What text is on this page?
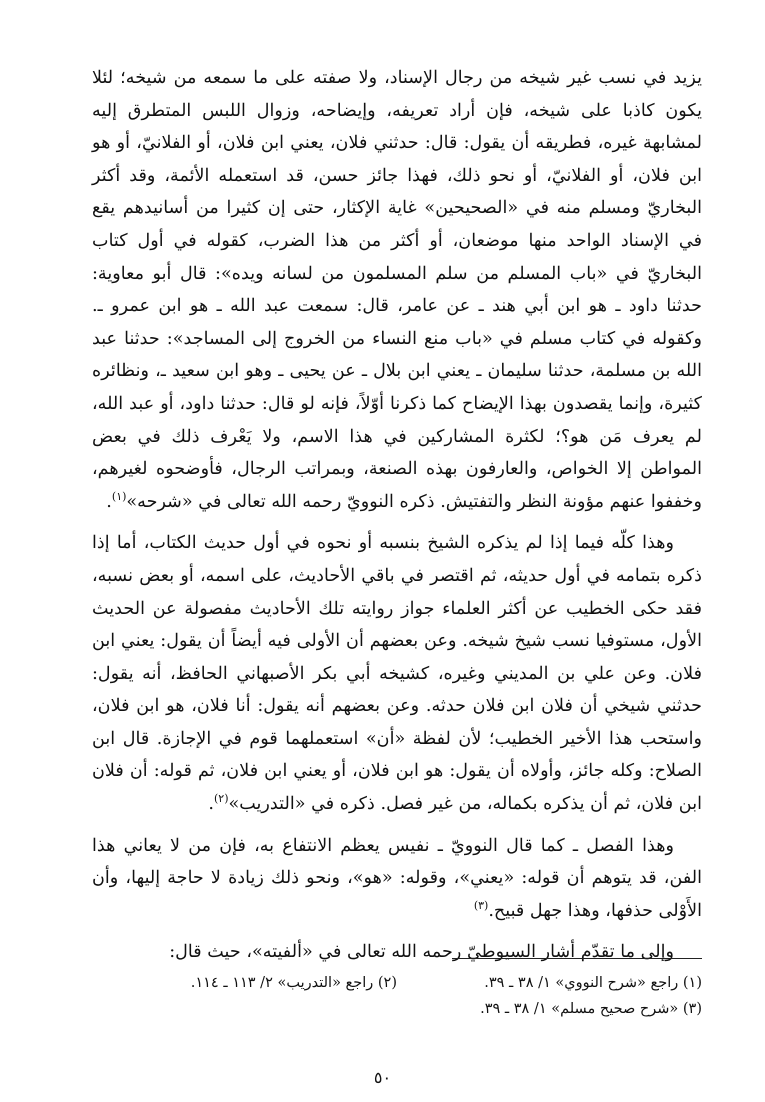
يزيد في نسب غير شيخه من رجال الإسناد، ولا صفته على ما سمعه من شيخه؛ لئلا يكون كاذبا على شيخه، فإن أراد تعريفه، وإيضاحه، وزوال اللبس المتطرق إليه لمشابهة غيره، فطريقه أن يقول: قال: حدثني فلان، يعني ابن فلان، أو الفلانيّ، أو هو ابن فلان، أو الفلانيّ، أو نحو ذلك، فهذا جائز حسن، قد استعمله الأئمة، وقد أكثر البخاريّ ومسلم منه في «الصحيحين» غاية الإكثار، حتى إن كثيرا من أسانيدهم يقع في الإسناد الواحد منها موضعان، أو أكثر من هذا الضرب، كقوله في أول كتاب البخاريّ في «باب المسلم من سلم المسلمون من لسانه ويده»: قال أبو معاوية: حدثنا داود ـ هو ابن أبي هند ـ عن عامر، قال: سمعت عبد الله ـ هو ابن عمرو ـ. وكقوله في كتاب مسلم في «باب منع النساء من الخروج إلى المساجد»: حدثنا عبد الله بن مسلمة، حدثنا سليمان ـ يعني ابن بلال ـ عن يحيى ـ وهو ابن سعيد ـ، ونظائره كثيرة، وإنما يقصدون بهذا الإيضاح كما ذكرنا أوّلاً، فإنه لو قال: حدثنا داود، أو عبد الله، لم يعرف مَن هو؟؛ لكثرة المشاركين في هذا الاسم، ولا يَعْرف ذلك في بعض المواطن إلا الخواص، والعارفون بهذه الصنعة، وبمراتب الرجال، فأوضحوه لغيرهم، وخففوا عنهم مؤونة النظر والتفتيش. ذكره النوويّ رحمه الله تعالى في «شرحه»$^{(١)}$.

وهذا كلّه فيما إذا لم يذكره الشيخ بنسبه أو نحوه في أول حديث الكتاب، أما إذا ذكره بتمامه في أول حديثه، ثم اقتصر في باقي الأحاديث، على اسمه، أو بعض نسبه، فقد حكى الخطيب عن أكثر العلماء جواز روايته تلك الأحاديث مفصولة عن الحديث الأول، مستوفيا نسب شيخ شيخه. وعن بعضهم أن الأولى فيه أيضاً أن يقول: يعني ابن فلان. وعن علي بن المديني وغيره، كشيخه أبي بكر الأصبهاني الحافظ، أنه يقول: حدثني شيخي أن فلان ابن فلان حدثه. وعن بعضهم أنه يقول: أنا فلان، هو ابن فلان، واستحب هذا الأخير الخطيب؛ لأن لفظة «أن» استعملهما قوم في الإجازة. قال ابن الصلاح: وكله جائز، وأولاه أن يقول: هو ابن فلان، أو يعني ابن فلان، ثم قوله: أن فلان ابن فلان، ثم أن يذكره بكماله، من غير فصل. ذكره في «التدريب»$^{(٢)}$.

وهذا الفصل ـ كما قال النوويّ ـ نفيس يعظم الانتفاع به، فإن من لا يعاني هذا الفن، قد يتوهم أن قوله: «يعني»، وقوله: «هو»، ونحو ذلك زيادة لا حاجة إليها، وأن الأَوْلى حذفها، وهذا جهل قبيح.$^{(٣)}$

وإلى ما تقدّم أشار السيوطيّ رحمه الله تعالى في «ألفيته»، حيث قال:

(١) راجع «شرح النووي» ١/ ٣٨ ـ ٣٩.
(٢) راجع «التدريب» ٢/ ١١٣ ـ ١١٤.
(٣) «شرح صحيح مسلم» ١/ ٣٨ ـ ٣٩.
٥٠
